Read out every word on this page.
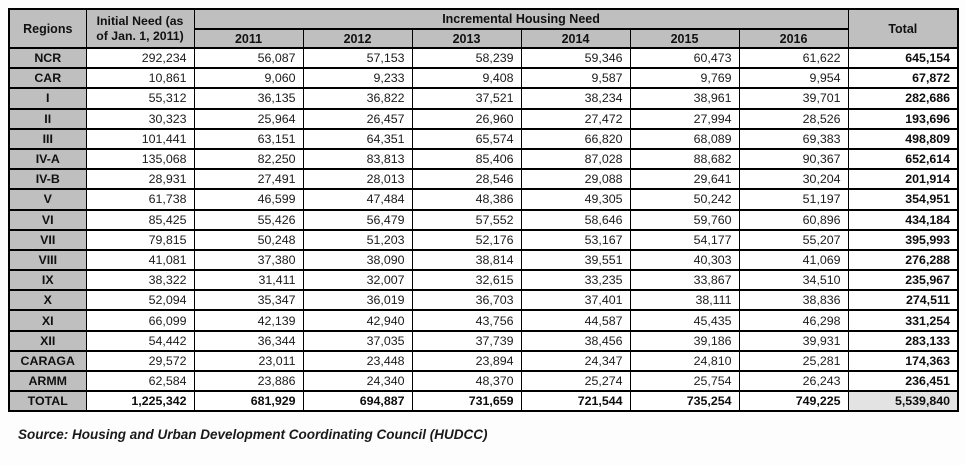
Regions	Initial Need (as of Jan. 1, 2011)	Incremental Housing Need						Total
		2011	2012	2013	2014	2015	2016	
NCR	292,234	56,087	57,153	58,239	59,346	60,473	61,622	645,154
CAR	10,861	9,060	9,233	9,408	9,587	9,769	9,954	67,872
I	55,312	36,135	36,822	37,521	38,234	38,961	39,701	282,686
II	30,323	25,964	26,457	26,960	27,472	27,994	28,526	193,696
III	101,441	63,151	64,351	65,574	66,820	68,089	69,383	498,809
IV-A	135,068	82,250	83,813	85,406	87,028	88,682	90,367	652,614
IV-B	28,931	27,491	28,013	28,546	29,088	29,641	30,204	201,914
V	61,738	46,599	47,484	48,386	49,305	50,242	51,197	354,951
VI	85,425	55,426	56,479	57,552	58,646	59,760	60,896	434,184
VII	79,815	50,248	51,203	52,176	53,167	54,177	55,207	395,993
VIII	41,081	37,380	38,090	38,814	39,551	40,303	41,069	276,288
IX	38,322	31,411	32,007	32,615	33,235	33,867	34,510	235,967
X	52,094	35,347	36,019	36,703	37,401	38,111	38,836	274,511
XI	66,099	42,139	42,940	43,756	44,587	45,435	46,298	331,254
XII	54,442	36,344	37,035	37,739	38,456	39,186	39,931	283,133
CARAGA	29,572	23,011	23,448	23,894	24,347	24,810	25,281	174,363
ARMM	62,584	23,886	24,340	48,370	25,274	25,754	26,243	236,451
TOTAL	1,225,342	681,929	694,887	731,659	721,544	735,254	749,225	5,539,840
Source: Housing and Urban Development Coordinating Council (HUDCC)
